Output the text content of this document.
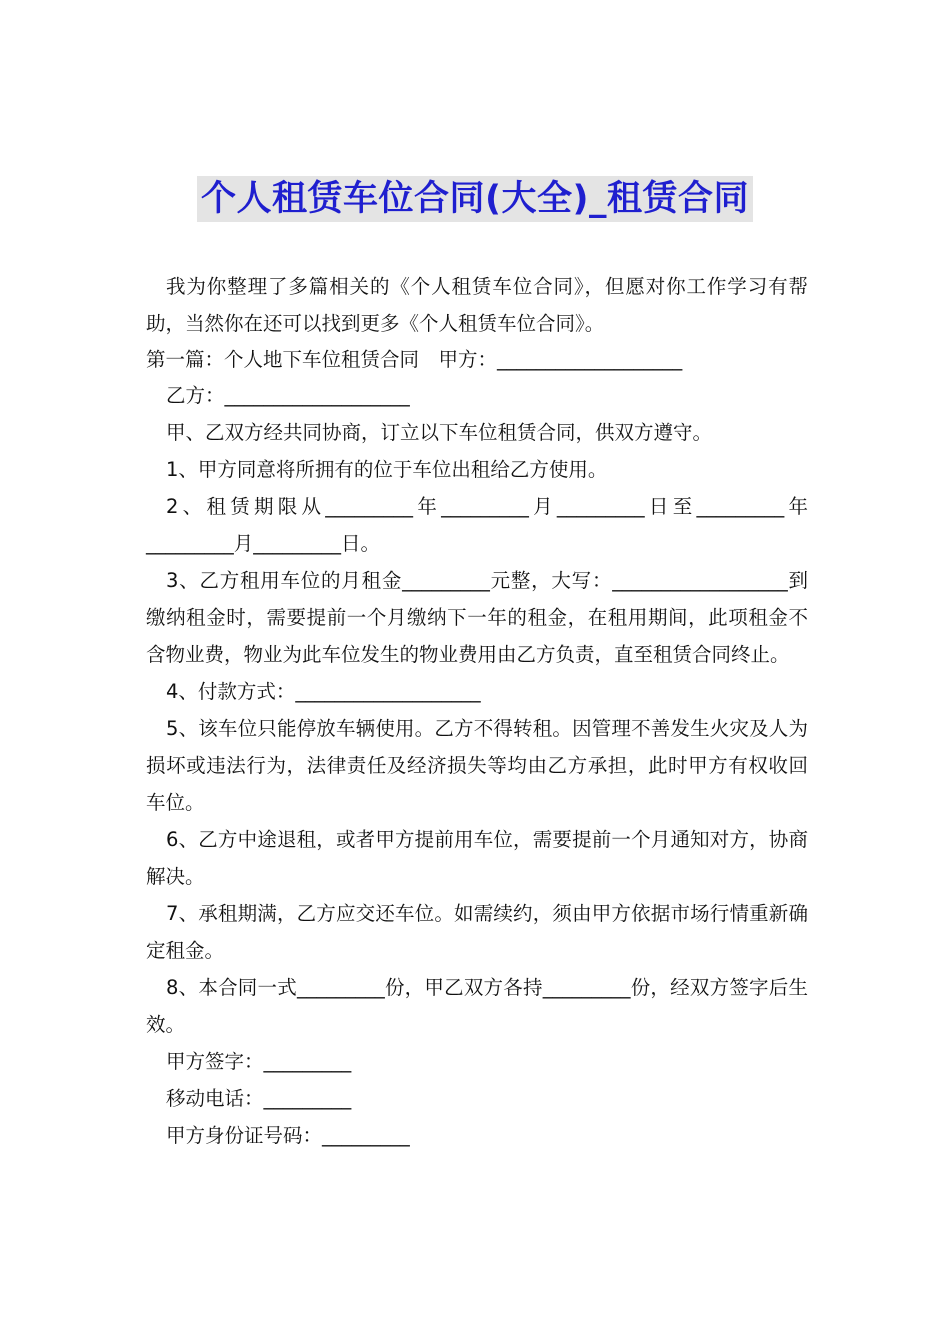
个人租赁车位合同(大全)_租赁合同

我为你整理了多篇相关的《个人租赁车位合同》，但愿对你工作学习有帮助，当然你在还可以找到更多《个人租赁车位合同》。

第一篇：个人地下车位租赁合同　甲方：___________________

乙方：___________________

甲、乙双方经共同协商，订立以下车位租赁合同，供双方遵守。

1、甲方同意将所拥有的位于车位出租给乙方使用。

2、租赁期限从_________年_________月_________日至_________年_________月_________日。

3、乙方租用车位的月租金_________元整，大写：__________________到缴纳租金时，需要提前一个月缴纳下一年的租金，在租用期间，此项租金不含物业费，物业为此车位发生的物业费用由乙方负责，直至租赁合同终止。

4、付款方式：___________________

5、该车位只能停放车辆使用。乙方不得转租。因管理不善发生火灾及人为损坏或违法行为，法律责任及经济损失等均由乙方承担，此时甲方有权收回车位。

6、乙方中途退租，或者甲方提前用车位，需要提前一个月通知对方，协商解决。

7、承租期满，乙方应交还车位。如需续约，须由甲方依据市场行情重新确定租金。

8、本合同一式_________份，甲乙双方各持_________份，经双方签字后生效。

甲方签字：_________

移动电话：_________

甲方身份证号码：_________
